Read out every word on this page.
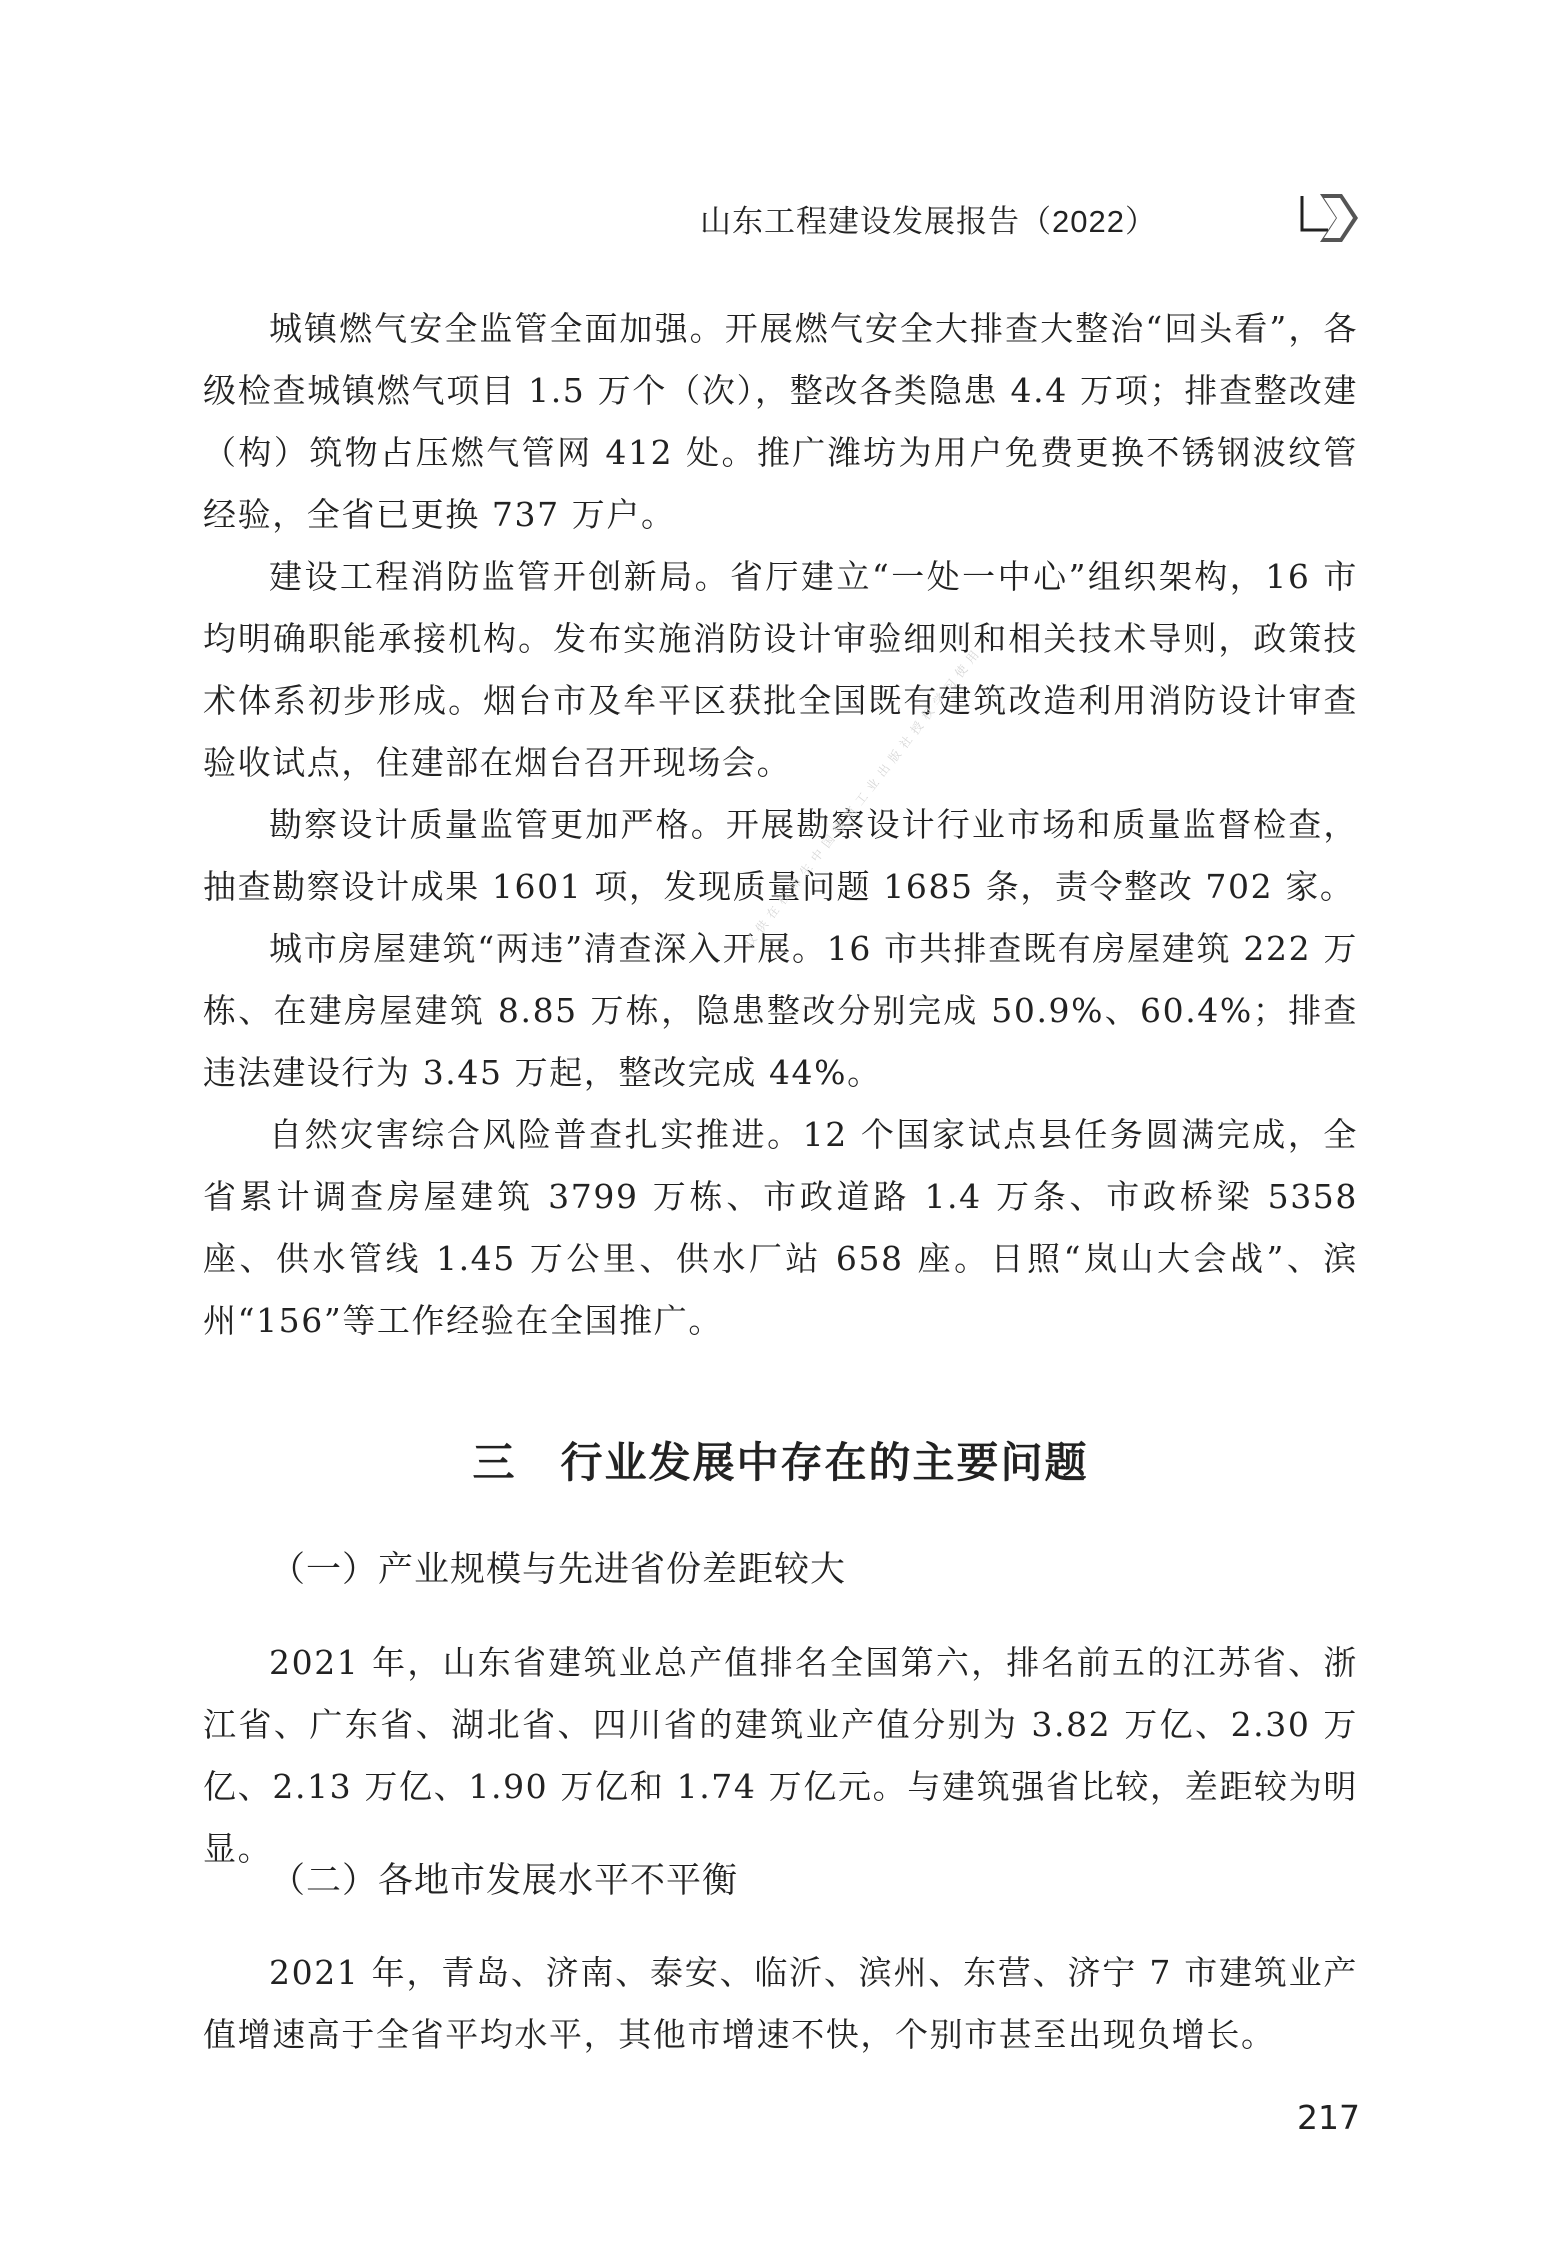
山东工程建设发展报告（2022）

城镇燃气安全监管全面加强。开展燃气安全大排查大整治“回头看”，各级检查城镇燃气项目 1.5 万个（次），整改各类隐患 4.4 万项；排查整改建（构）筑物占压燃气管网 412 处。推广潍坊为用户免费更换不锈钢波纹管经验，全省已更换 737 万户。

建设工程消防监管开创新局。省厅建立“一处一中心”组织架构，16 市均明确职能承接机构。发布实施消防设计审验细则和相关技术导则，政策技术体系初步形成。烟台市及牟平区获批全国既有建筑改造利用消防设计审查验收试点，住建部在烟台召开现场会。

勘察设计质量监管更加严格。开展勘察设计行业市场和质量监督检查，抽查勘察设计成果 1601 项，发现质量问题 1685 条，责令整改 702 家。

城市房屋建筑“两违”清查深入开展。16 市共排查既有房屋建筑 222 万栋、在建房屋建筑 8.85 万栋，隐患整改分别完成 50.9%、60.4%；排查违法建设行为 3.45 万起，整改完成 44%。

自然灾害综合风险普查扎实推进。12 个国家试点县任务圆满完成，全省累计调查房屋建筑 3799 万栋、市政道路 1.4 万条、市政桥梁 5358 座、供水管线 1.45 万公里、供水厂站 658 座。日照“岚山大会战”、滨州“156”等工作经验在全国推广。

仅供在校师生中国建筑工业出版社授权学习使用
三 行业发展中存在的主要问题
（一）产业规模与先进省份差距较大

2021 年，山东省建筑业总产值排名全国第六，排名前五的江苏省、浙江省、广东省、湖北省、四川省的建筑业产值分别为 3.82 万亿、2.30 万亿、2.13 万亿、1.90 万亿和 1.74 万亿元。与建筑强省比较，差距较为明显。

（二）各地市发展水平不平衡

2021 年，青岛、济南、泰安、临沂、滨州、东营、济宁 7 市建筑业产值增速高于全省平均水平，其他市增速不快，个别市甚至出现负增长。

217
